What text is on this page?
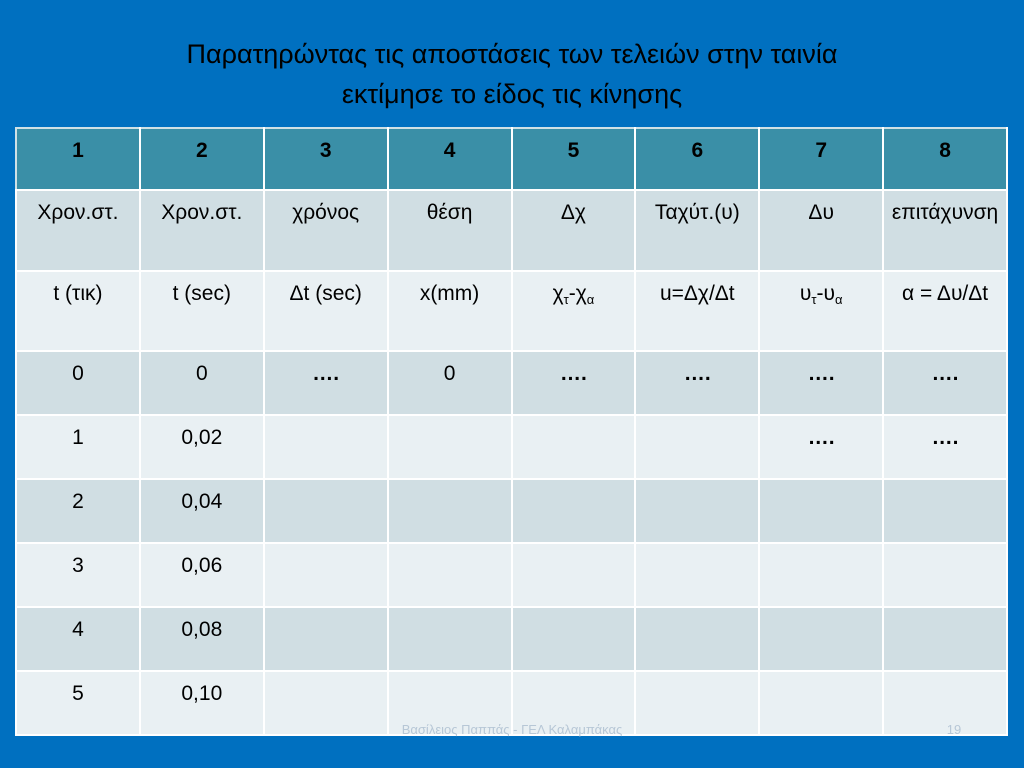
Παρατηρώντας τις αποστάσεις των τελειών στην ταινία
εκτίμησε το είδος τις κίνησης
1	2	3	4	5	6	7	8
Χρον.στ.	Χρον.στ.	χρόνος	θέση	Δχ	Ταχύτ.(υ)	Δυ	επιτάχυνση
t (τικ)	t (sec)	Δt (sec)	x(mm)	$\chi_\tau-\chi_\alpha$	u=Δχ/Δt	$\upsilon_\tau-\upsilon_\alpha$	α = Δυ/Δt
0	0	….	0	….	….	….	….
1	0,02					….	….
2	0,04						
3	0,06						
4	0,08						
5	0,10						
Βασίλειος Παππάς - ΓΕΛ Καλαμπάκας	19
